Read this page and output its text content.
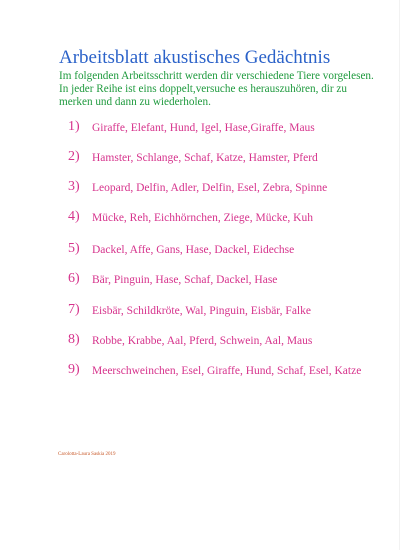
Arbeitsblatt akustisches Gedächtnis

Im folgenden Arbeitsschritt werden dir verschiedene Tiere vorgelesen.

In jeder Reihe ist eins doppelt,versuche es herauszuhören, dir zu merken und dann zu wiederholen.

1)	Giraffe, Elefant, Hund, Igel, Hase,Giraffe, Maus
2)	Hamster, Schlange, Schaf, Katze, Hamster, Pferd
3)	Leopard, Delfin, Adler, Delfin, Esel, Zebra, Spinne
4)	Mücke, Reh, Eichhörnchen, Ziege, Mücke, Kuh
5)	Dackel, Affe, Gans, Hase, Dackel, Eidechse
6)	Bär, Pinguin, Hase, Schaf, Dackel, Hase
7)	Eisbär, Schildkröte, Wal, Pinguin, Eisbär, Falke
8)	Robbe, Krabbe, Aal, Pferd, Schwein, Aal, Maus
9)	Meerschweinchen, Esel, Giraffe, Hund, Schaf, Esel, Katze
Carolotta-Laura Saskia 2019
